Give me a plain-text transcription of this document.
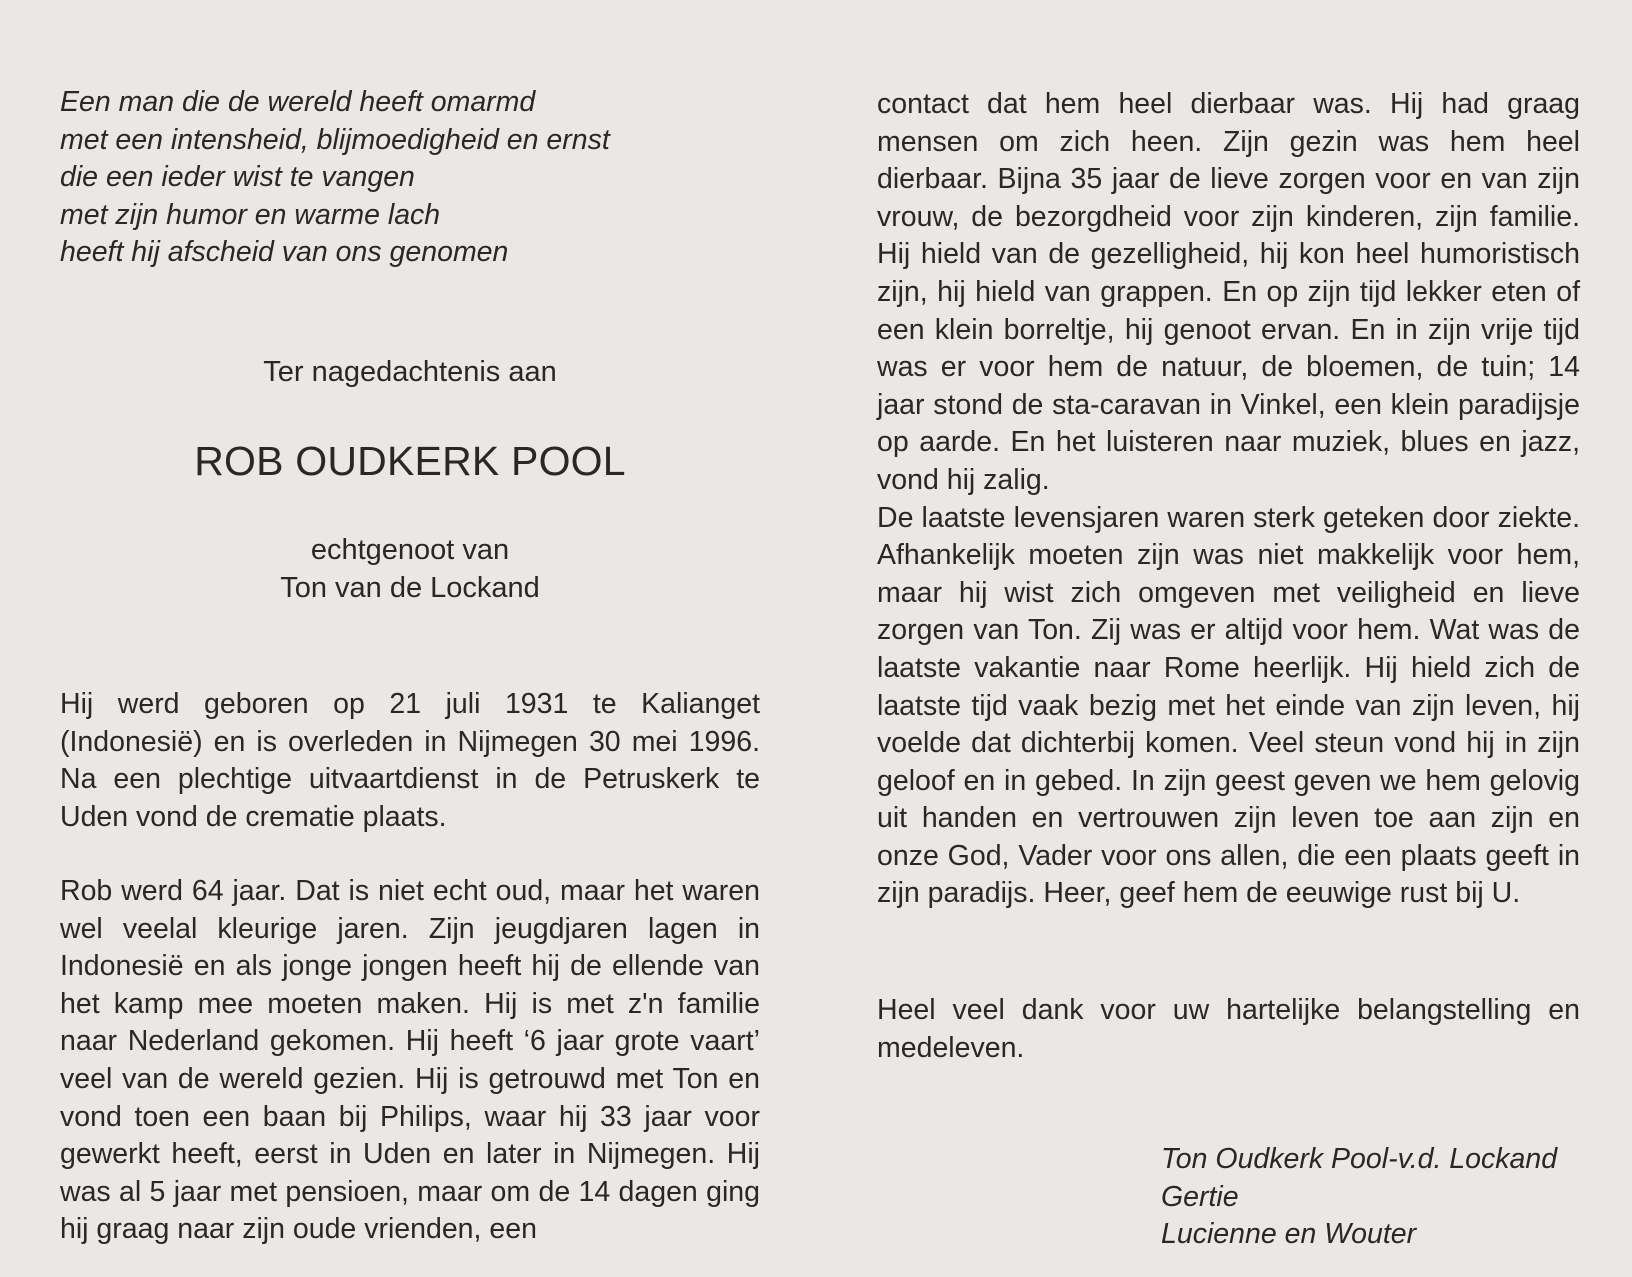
Een man die de wereld heeft omarmd
met een intensheid, blijmoedigheid en ernst
die een ieder wist te vangen
met zijn humor en warme lach
heeft hij afscheid van ons genomen
Ter nagedachtenis aan
ROB OUDKERK POOL
echtgenoot van
Ton van de Lockand
Hij werd geboren op 21 juli 1931 te Kalianget (Indonesië) en is overleden in Nijmegen 30 mei 1996. Na een plechtige uitvaartdienst in de Petruskerk te Uden vond de crematie plaats.
Rob werd 64 jaar. Dat is niet echt oud, maar het waren wel veelal kleurige jaren. Zijn jeugdjaren lagen in Indonesië en als jonge jongen heeft hij de ellende van het kamp mee moeten maken. Hij is met z'n familie naar Nederland gekomen. Hij heeft ‘6 jaar grote vaart’ veel van de wereld gezien. Hij is getrouwd met Ton en vond toen een baan bij Philips, waar hij 33 jaar voor gewerkt heeft, eerst in Uden en later in Nijmegen. Hij was al 5 jaar met pensioen, maar om de 14 dagen ging hij graag naar zijn oude vrienden, een
contact dat hem heel dierbaar was. Hij had graag mensen om zich heen. Zijn gezin was hem heel dierbaar. Bijna 35 jaar de lieve zorgen voor en van zijn vrouw, de bezorgdheid voor zijn kinderen, zijn familie. Hij hield van de gezelligheid, hij kon heel humoristisch zijn, hij hield van grappen. En op zijn tijd lekker eten of een klein borreltje, hij genoot ervan. En in zijn vrije tijd was er voor hem de natuur, de bloemen, de tuin; 14 jaar stond de sta-caravan in Vinkel, een klein paradijsje op aarde. En het luisteren naar muziek, blues en jazz, vond hij zalig.
De laatste levensjaren waren sterk geteken door ziekte. Afhankelijk moeten zijn was niet makkelijk voor hem, maar hij wist zich omgeven met veiligheid en lieve zorgen van Ton. Zij was er altijd voor hem. Wat was de laatste vakantie naar Rome heerlijk. Hij hield zich de laatste tijd vaak bezig met het einde van zijn leven, hij voelde dat dichterbij komen. Veel steun vond hij in zijn geloof en in gebed. In zijn geest geven we hem gelovig uit handen en vertrouwen zijn leven toe aan zijn en onze God, Vader voor ons allen, die een plaats geeft in zijn paradijs. Heer, geef hem de eeuwige rust bij U.
Heel veel dank voor uw hartelijke belangstelling en medeleven.
Ton Oudkerk Pool-v.d. Lockand
Gertie
Lucienne en Wouter
